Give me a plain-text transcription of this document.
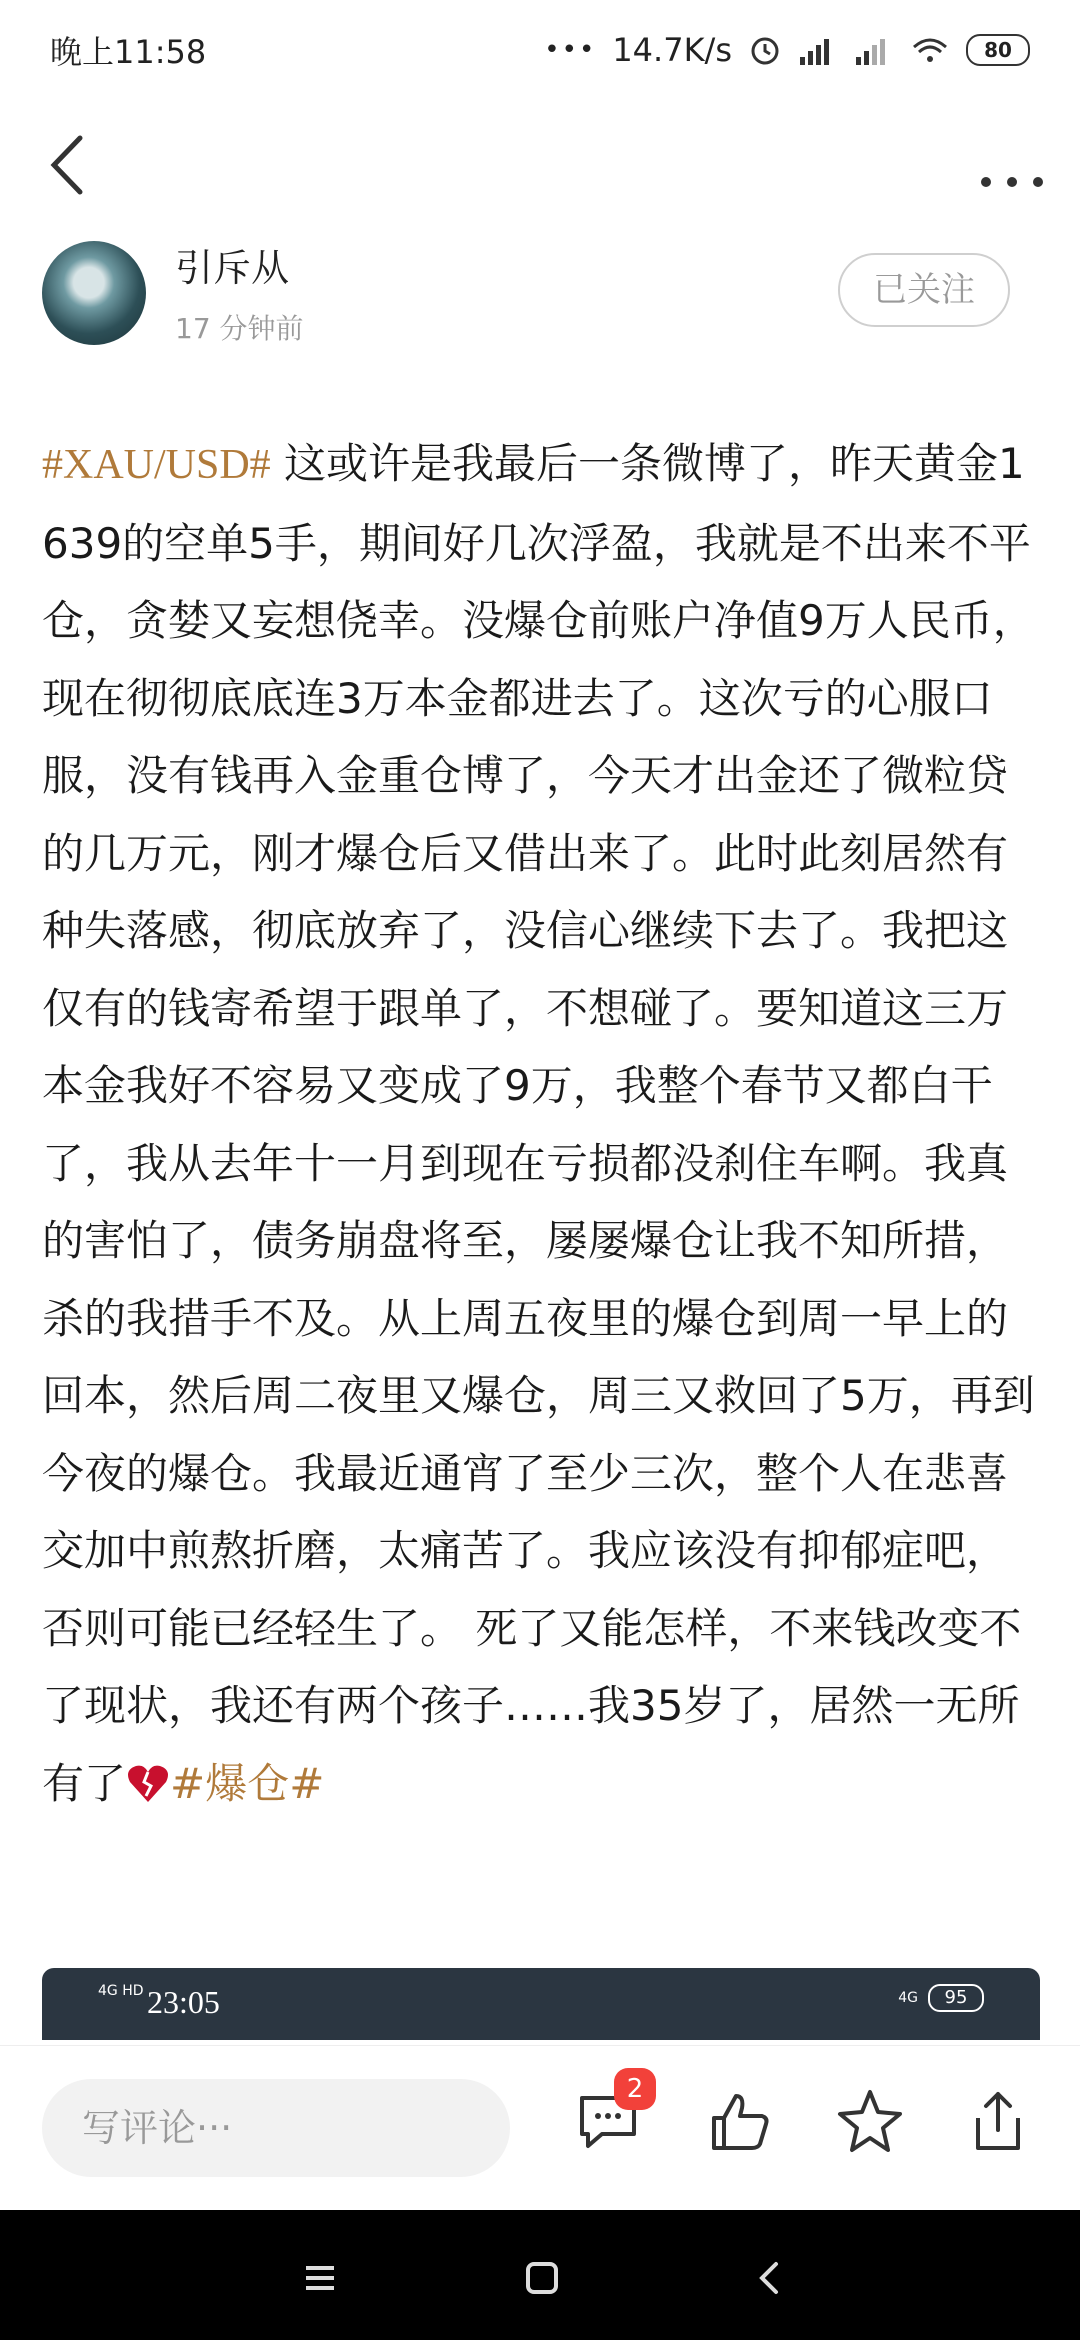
晚上11:58	••• 14.7K/s	80
引斥从
17 分钟前
已关注
#XAU/USD# 这或许是我最后一条微博了，昨天黄金1639的空单5手，期间好几次浮盈，我就是不出来不平仓，贪婪又妄想侥幸。没爆仓前账户净值9万人民币，现在彻彻底底连3万本金都进去了。这次亏的心服口服，没有钱再入金重仓博了，今天才出金还了微粒贷的几万元，刚才爆仓后又借出来了。此时此刻居然有种失落感，彻底放弃了，没信心继续下去了。我把这仅有的钱寄希望于跟单了，不想碰了。要知道这三万本金我好不容易又变成了9万，我整个春节又都白干了，我从去年十一月到现在亏损都没刹住车啊。我真的害怕了，债务崩盘将至，屡屡爆仓让我不知所措，杀的我措手不及。从上周五夜里的爆仓到周一早上的回本，然后周二夜里又爆仓，周三又救回了5万，再到今夜的爆仓。我最近通宵了至少三次，整个人在悲喜交加中煎熬折磨，太痛苦了。我应该没有抑郁症吧，否则可能已经轻生了。 死了又能怎样，不来钱改变不了现状，我还有两个孩子……我35岁了，居然一无所有了 #爆仓#
4G HD 23:05	4G	95
写评论···
2
